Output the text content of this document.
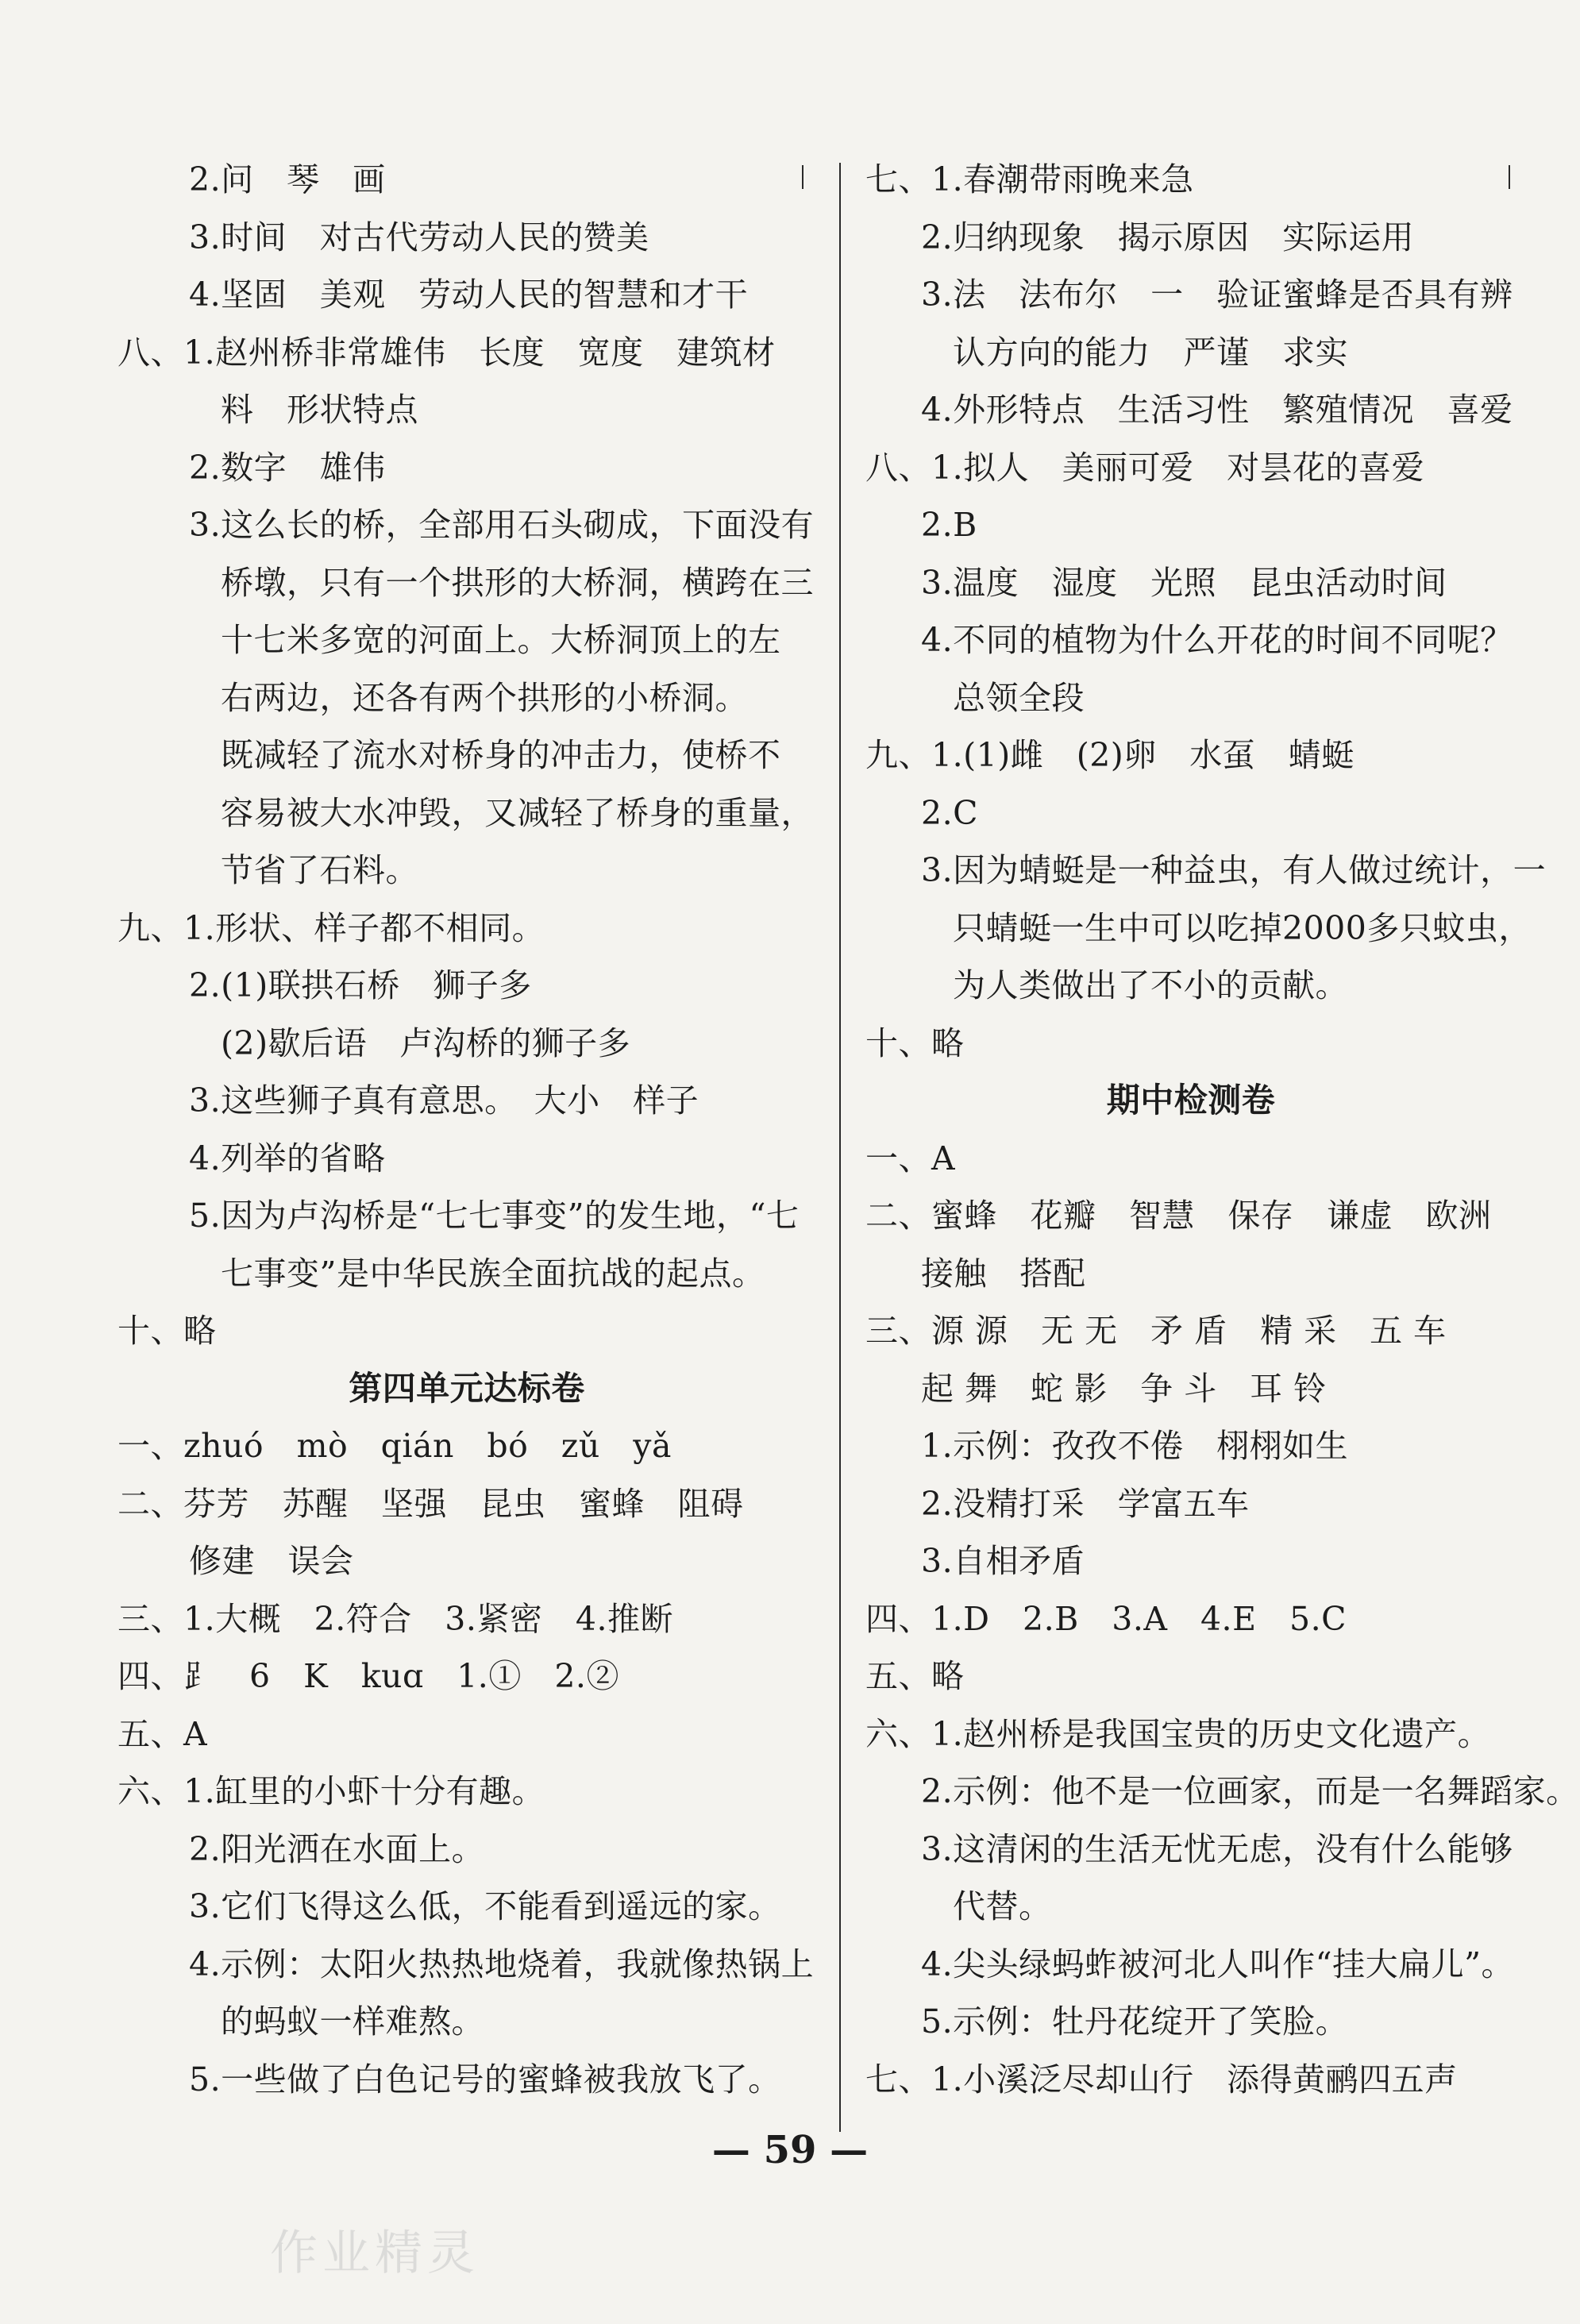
2.问　琴　画
3.时间　对古代劳动人民的赞美
4.坚固　美观　劳动人民的智慧和才干
八、1.赵州桥非常雄伟　长度　宽度　建筑材
料　形状特点
2.数字　雄伟
3.这么长的桥，全部用石头砌成，下面没有
桥墩，只有一个拱形的大桥洞，横跨在三
十七米多宽的河面上。大桥洞顶上的左
右两边，还各有两个拱形的小桥洞。
既减轻了流水对桥身的冲击力，使桥不
容易被大水冲毁，又减轻了桥身的重量，
节省了石料。
九、1.形状、样子都不相同。
2.(1)联拱石桥　狮子多
(2)歇后语　卢沟桥的狮子多
3.这些狮子真有意思。　大小　样子
4.列举的省略
5.因为卢沟桥是“七七事变”的发生地，“七
七事变”是中华民族全面抗战的起点。
十、略
第四单元达标卷
一、zhuó　mò　qián　bó　zǔ　yǎ
二、芬芳　苏醒　坚强　昆虫　蜜蜂　阻碍
修建　误会
三、1.大概　2.符合　3.紧密　4.推断
四、⻊　6　K　kuɑ　1.①　2.②
五、A
六、1.缸里的小虾十分有趣。
2.阳光洒在水面上。
3.它们飞得这么低，不能看到遥远的家。
4.示例：太阳火热热地烧着，我就像热锅上
的蚂蚁一样难熬。
5.一些做了白色记号的蜜蜂被我放飞了。
七、1.春潮带雨晚来急
2.归纳现象　揭示原因　实际运用
3.法　法布尔　一　验证蜜蜂是否具有辨
认方向的能力　严谨　求实
4.外形特点　生活习性　繁殖情况　喜爱
八、1.拟人　美丽可爱　对昙花的喜爱
2.B
3.温度　湿度　光照　昆虫活动时间
4.不同的植物为什么开花的时间不同呢？
总领全段
九、1.(1)雌　(2)卵　水虿　蜻蜓
2.C
3.因为蜻蜓是一种益虫，有人做过统计，一
只蜻蜓一生中可以吃掉2000多只蚊虫，
为人类做出了不小的贡献。
十、略
期中检测卷
一、A
二、蜜蜂　花瓣　智慧　保存　谦虚　欧洲
接触　搭配
三、源 源　无 无　矛 盾　精 采　五 车
起 舞　蛇 影　争 斗　耳 铃
1.示例：孜孜不倦　栩栩如生
2.没精打采　学富五车
3.自相矛盾
四、1.D　2.B　3.A　4.E　5.C
五、略
六、1.赵州桥是我国宝贵的历史文化遗产。
2.示例：他不是一位画家，而是一名舞蹈家。
3.这清闲的生活无忧无虑，没有什么能够
代替。
4.尖头绿蚂蚱被河北人叫作“挂大扁儿”。
5.示例：牡丹花绽开了笑脸。
七、1.小溪泛尽却山行　添得黄鹂四五声
— 59 —
作业精灵
